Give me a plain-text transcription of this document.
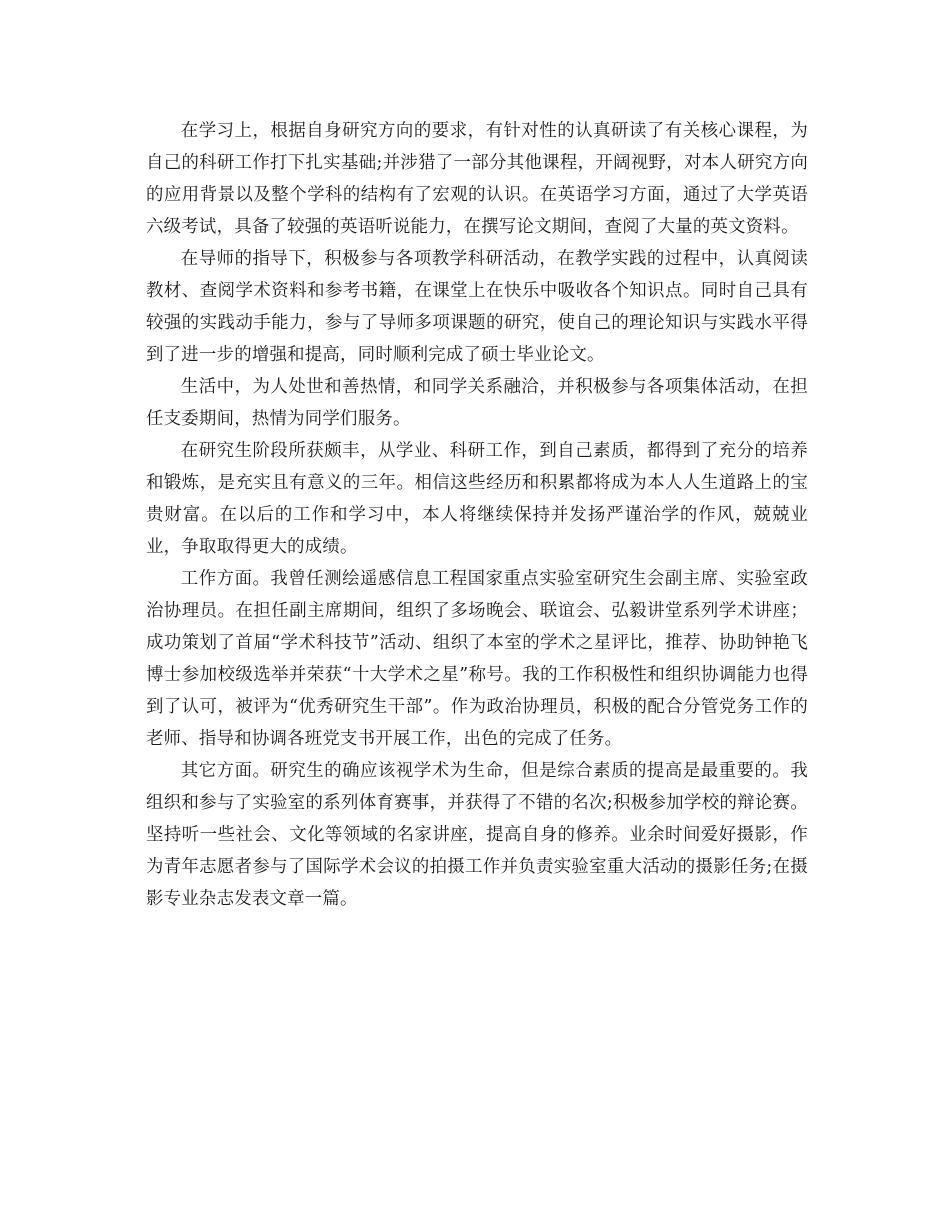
在学习上，根据自身研究方向的要求，有针对性的认真研读了有关核心课程，为自己的科研工作打下扎实基础;并涉猎了一部分其他课程，开阔视野，对本人研究方向的应用背景以及整个学科的结构有了宏观的认识。在英语学习方面，通过了大学英语六级考试，具备了较强的英语听说能力，在撰写论文期间，查阅了大量的英文资料。

在导师的指导下，积极参与各项教学科研活动，在教学实践的过程中，认真阅读教材、查阅学术资料和参考书籍，在课堂上在快乐中吸收各个知识点。同时自己具有较强的实践动手能力，参与了导师多项课题的研究，使自己的理论知识与实践水平得到了进一步的增强和提高，同时顺利完成了硕士毕业论文。

生活中，为人处世和善热情，和同学关系融洽，并积极参与各项集体活动，在担任支委期间，热情为同学们服务。

在研究生阶段所获颇丰，从学业、科研工作，到自己素质，都得到了充分的培养和锻炼，是充实且有意义的三年。相信这些经历和积累都将成为本人人生道路上的宝贵财富。在以后的工作和学习中，本人将继续保持并发扬严谨治学的作风，兢兢业业，争取取得更大的成绩。

工作方面。我曾任测绘遥感信息工程国家重点实验室研究生会副主席、实验室政治协理员。在担任副主席期间，组织了多场晚会、联谊会、弘毅讲堂系列学术讲座；成功策划了首届“学术科技节”活动、组织了本室的学术之星评比，推荐、协助钟艳飞博士参加校级选举并荣获“十大学术之星”称号。我的工作积极性和组织协调能力也得到了认可，被评为“优秀研究生干部”。作为政治协理员，积极的配合分管党务工作的老师、指导和协调各班党支书开展工作，出色的完成了任务。

其它方面。研究生的确应该视学术为生命，但是综合素质的提高是最重要的。我组织和参与了实验室的系列体育赛事，并获得了不错的名次;积极参加学校的辩论赛。坚持听一些社会、文化等领域的名家讲座，提高自身的修养。业余时间爱好摄影，作为青年志愿者参与了国际学术会议的拍摄工作并负责实验室重大活动的摄影任务;在摄影专业杂志发表文章一篇。
